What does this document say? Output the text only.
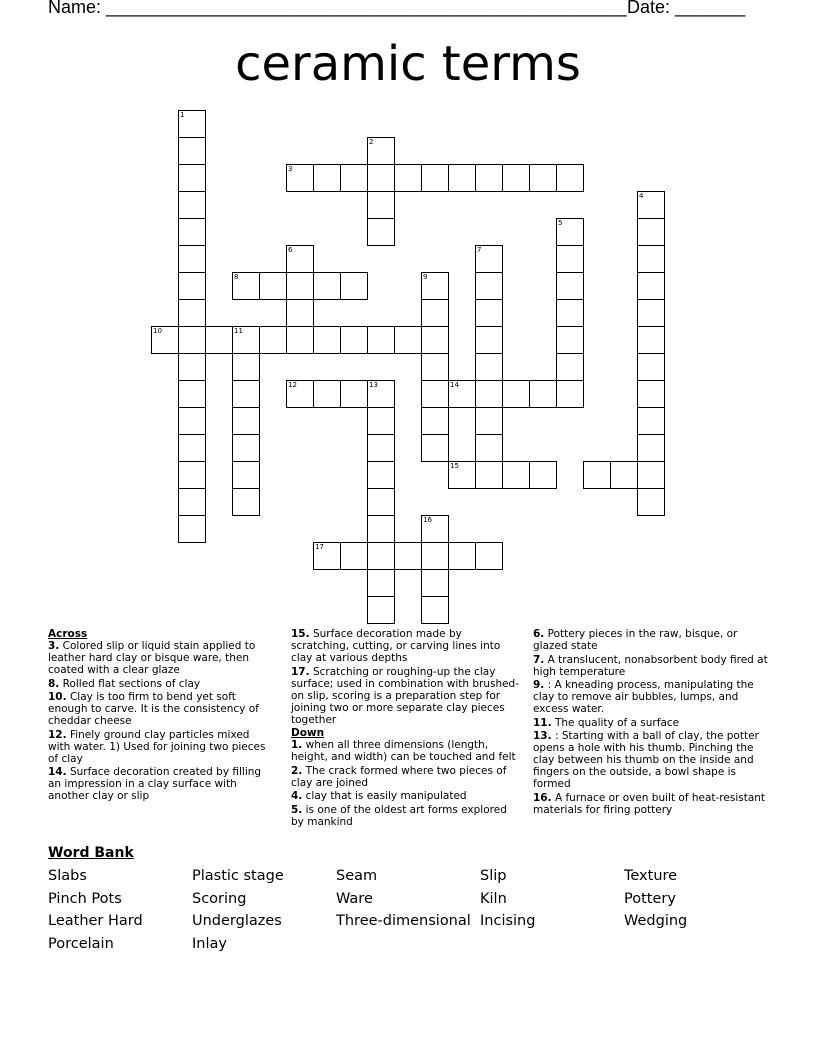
Name: ____________________________________________________ Date: _______
ceramic terms
1
2
3
4
5
6	7
8	9
10	11
12	13	14
15
16
17
Across
3. Colored slip or liquid stain applied to leather hard clay or bisque ware, then coated with a clear glaze
8. Rolled flat sections of clay
10. Clay is too firm to bend yet soft enough to carve. It is the consistency of cheddar cheese
12. Finely ground clay particles mixed with water. 1) Used for joining two pieces of clay
14. Surface decoration created by filling an impression in a clay surface with another clay or slip
15. Surface decoration made by scratching, cutting, or carving lines into clay at various depths
17. Scratching or roughing-up the clay surface; used in combination with brushed-on slip, scoring is a preparation step for joining two or more separate clay pieces together
Down
1. when all three dimensions (length, height, and width) can be touched and felt
2. The crack formed where two pieces of clay are joined
4. clay that is easily manipulated
5. is one of the oldest art forms explored by mankind
6. Pottery pieces in the raw, bisque, or glazed state
7. A translucent, nonabsorbent body fired at high temperature
9. : A kneading process, manipulating the clay to remove air bubbles, lumps, and excess water.
11. The quality of a surface
13. : Starting with a ball of clay, the potter opens a hole with his thumb. Pinching the clay between his thumb on the inside and fingers on the outside, a bowl shape is formed
16. A furnace or oven built of heat-resistant materials for firing pottery
Word Bank
Slabs	Plastic stage	Seam	Slip	Texture
Pinch Pots	Scoring	Ware	Kiln	Pottery
Leather Hard	Underglazes	Three-dimensional Incising	Wedging
Porcelain	Inlay
